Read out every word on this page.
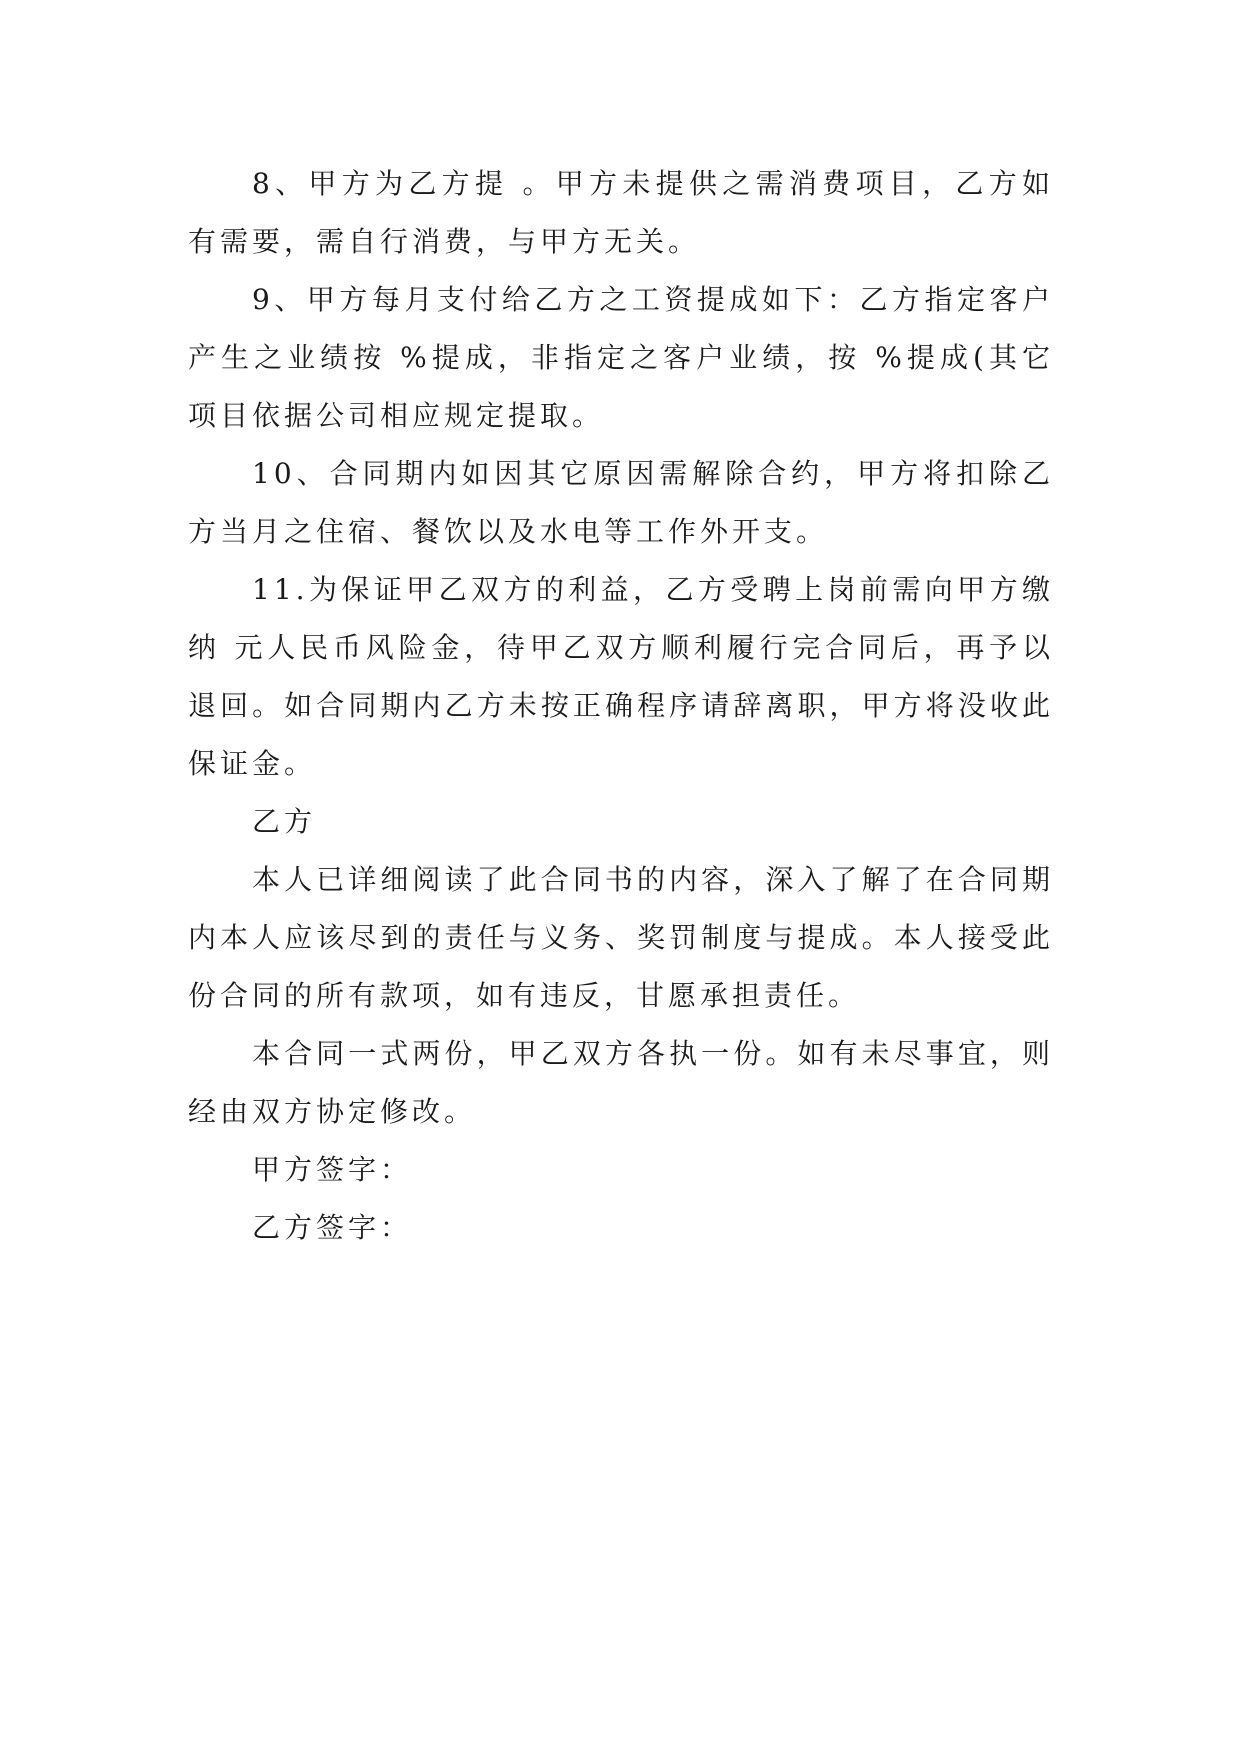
8、甲方为乙方提 。甲方未提供之需消费项目，乙方如有需要，需自行消费，与甲方无关。

9、甲方每月支付给乙方之工资提成如下：乙方指定客户产生之业绩按 %提成，非指定之客户业绩，按 %提成(其它项目依据公司相应规定提取。

10、合同期内如因其它原因需解除合约，甲方将扣除乙方当月之住宿、餐饮以及水电等工作外开支。

11.为保证甲乙双方的利益，乙方受聘上岗前需向甲方缴纳 元人民币风险金，待甲乙双方顺利履行完合同后，再予以退回。如合同期内乙方未按正确程序请辞离职，甲方将没收此保证金。

乙方

本人已详细阅读了此合同书的内容，深入了解了在合同期内本人应该尽到的责任与义务、奖罚制度与提成。本人接受此份合同的所有款项，如有违反，甘愿承担责任。

本合同一式两份，甲乙双方各执一份。如有未尽事宜，则经由双方协定修改。

甲方签字：

乙方签字：
